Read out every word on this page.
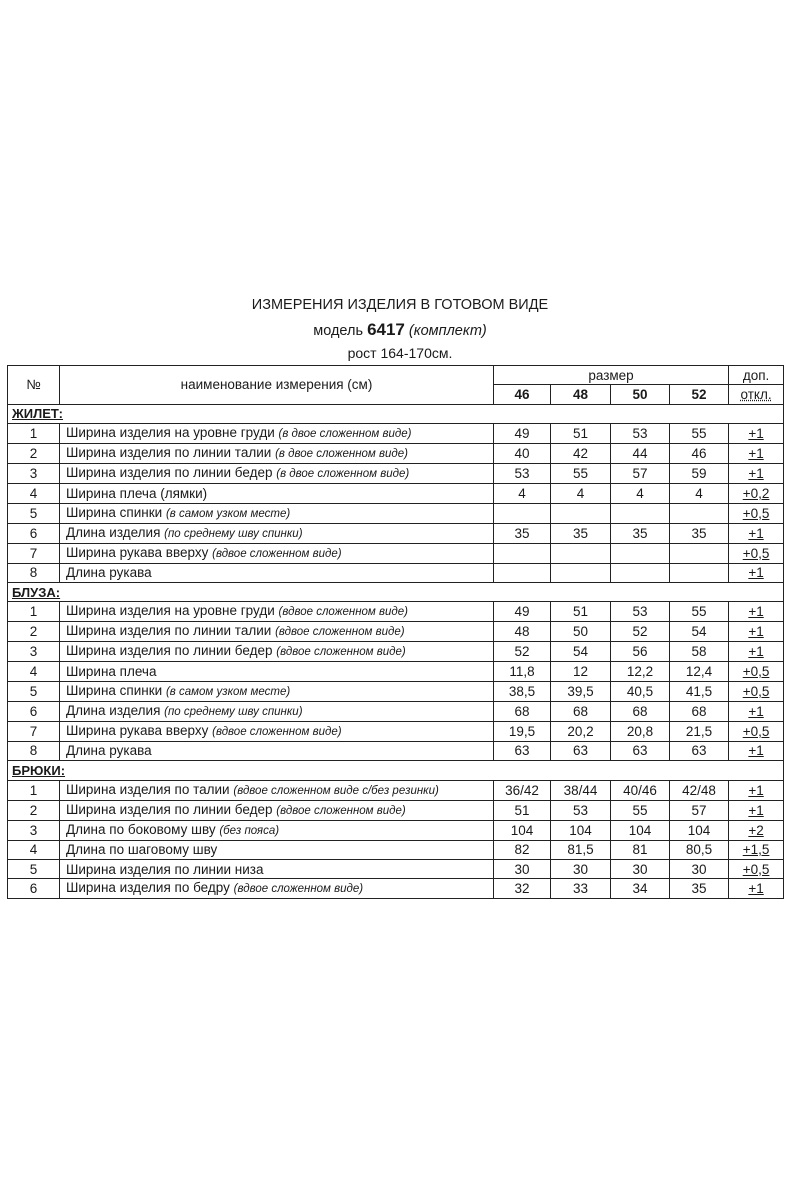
ИЗМЕРЕНИЯ ИЗДЕЛИЯ В ГОТОВОМ ВИДЕ
модель 6417 (комплект)
рост 164-170см.
№	наименование измерения (см)	размер				доп.
		46	48	50	52	откл.
ЖИЛЕТ:						
1	Ширина изделия на уровне груди (в двое сложенном виде)	49	51	53	55	+1
2	Ширина изделия по линии талии (в двое сложенном виде)	40	42	44	46	+1
3	Ширина изделия по линии бедер (в двое сложенном виде)	53	55	57	59	+1
4	Ширина плеча (лямки)	4	4	4	4	+0,2
5	Ширина спинки (в самом узком месте)					+0,5
6	Длина изделия (по среднему шву спинки)	35	35	35	35	+1
7	Ширина рукава вверху (вдвое сложенном виде)					+0,5
8	Длина рукава					+1
БЛУЗА:						
1	Ширина изделия на уровне груди (вдвое сложенном виде)	49	51	53	55	+1
2	Ширина изделия по линии талии (вдвое сложенном виде)	48	50	52	54	+1
3	Ширина изделия по линии бедер (вдвое сложенном виде)	52	54	56	58	+1
4	Ширина плеча	11,8	12	12,2	12,4	+0,5
5	Ширина спинки (в самом узком месте)	38,5	39,5	40,5	41,5	+0,5
6	Длина изделия (по среднему шву спинки)	68	68	68	68	+1
7	Ширина рукава вверху (вдвое сложенном виде)	19,5	20,2	20,8	21,5	+0,5
8	Длина рукава	63	63	63	63	+1
БРЮКИ:						
1	Ширина изделия по талии (вдвое сложенном виде с/без резинки)	36/42	38/44	40/46	42/48	+1
2	Ширина изделия по линии бедер (вдвое сложенном виде)	51	53	55	57	+1
3	Длина по боковому шву (без пояса)	104	104	104	104	+2
4	Длина по шаговому шву	82	81,5	81	80,5	+1,5
5	Ширина изделия по линии низа	30	30	30	30	+0,5
6	Ширина изделия по бедру (вдвое сложенном виде)	32	33	34	35	+1
